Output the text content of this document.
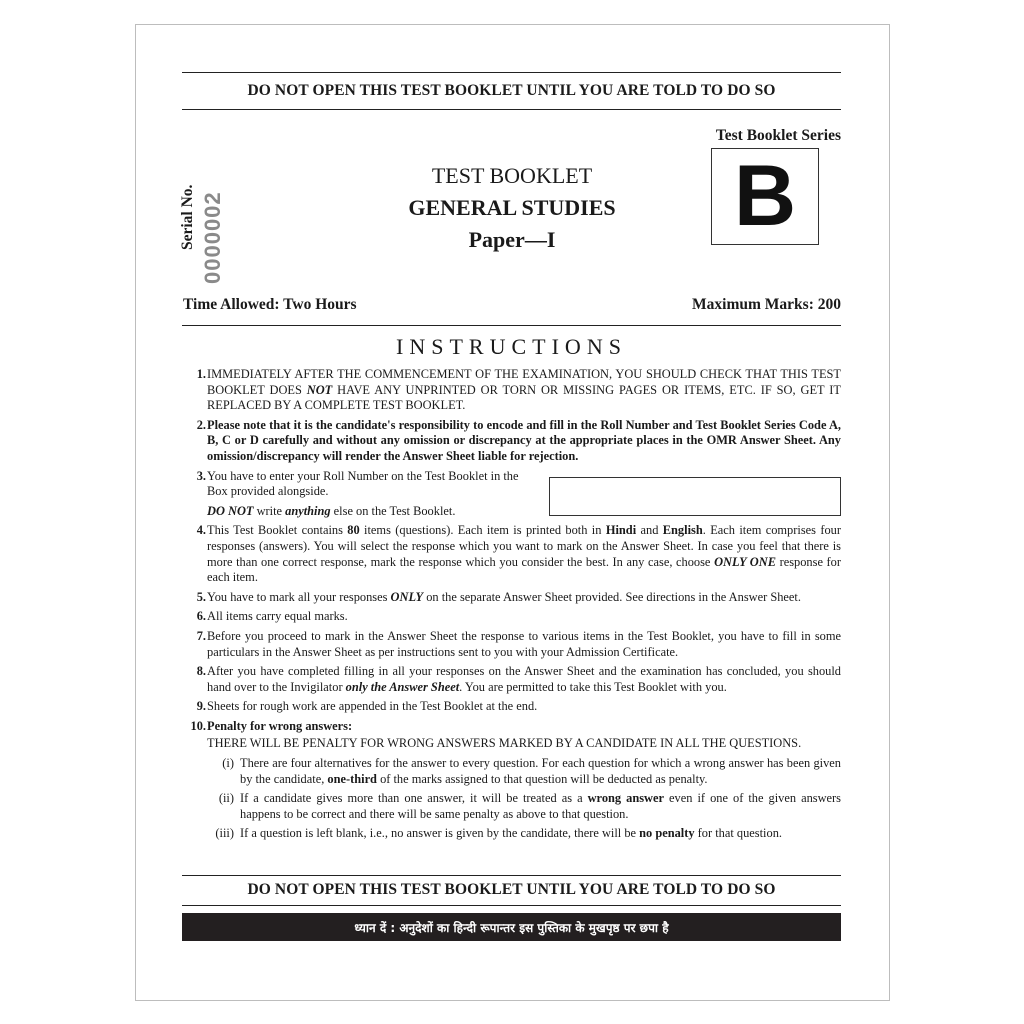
DO NOT OPEN THIS TEST BOOKLET UNTIL YOU ARE TOLD TO DO SO
Test Booklet Series
B
Serial No. 0000002
TEST BOOKLET
GENERAL STUDIES
Paper—I
Time Allowed: Two Hours	Maximum Marks: 200
INSTRUCTIONS
1. IMMEDIATELY AFTER THE COMMENCEMENT OF THE EXAMINATION, YOU SHOULD CHECK THAT THIS TEST BOOKLET DOES NOT HAVE ANY UNPRINTED OR TORN OR MISSING PAGES OR ITEMS, ETC. IF SO, GET IT REPLACED BY A COMPLETE TEST BOOKLET.
2. Please note that it is the candidate's responsibility to encode and fill in the Roll Number and Test Booklet Series Code A, B, C or D carefully and without any omission or discrepancy at the appropriate places in the OMR Answer Sheet. Any omission/discrepancy will render the Answer Sheet liable for rejection.
3. You have to enter your Roll Number on the Test Booklet in the Box provided alongside.
DO NOT write anything else on the Test Booklet.
4. This Test Booklet contains 80 items (questions). Each item is printed both in Hindi and English. Each item comprises four responses (answers). You will select the response which you want to mark on the Answer Sheet. In case you feel that there is more than one correct response, mark the response which you consider the best. In any case, choose ONLY ONE response for each item.
5. You have to mark all your responses ONLY on the separate Answer Sheet provided. See directions in the Answer Sheet.
6. All items carry equal marks.
7. Before you proceed to mark in the Answer Sheet the response to various items in the Test Booklet, you have to fill in some particulars in the Answer Sheet as per instructions sent to you with your Admission Certificate.
8. After you have completed filling in all your responses on the Answer Sheet and the examination has concluded, you should hand over to the Invigilator only the Answer Sheet. You are permitted to take this Test Booklet with you.
9. Sheets for rough work are appended in the Test Booklet at the end.
10. Penalty for wrong answers:
THERE WILL BE PENALTY FOR WRONG ANSWERS MARKED BY A CANDIDATE IN ALL THE QUESTIONS.
(i) There are four alternatives for the answer to every question. For each question for which a wrong answer has been given by the candidate, one-third of the marks assigned to that question will be deducted as penalty.
(ii) If a candidate gives more than one answer, it will be treated as a wrong answer even if one of the given answers happens to be correct and there will be same penalty as above to that question.
(iii) If a question is left blank, i.e., no answer is given by the candidate, there will be no penalty for that question.
DO NOT OPEN THIS TEST BOOKLET UNTIL YOU ARE TOLD TO DO SO
ध्यान दें : अनुदेशों का हिन्दी रूपान्तर इस पुस्तिका के मुखपृष्ठ पर छपा है
